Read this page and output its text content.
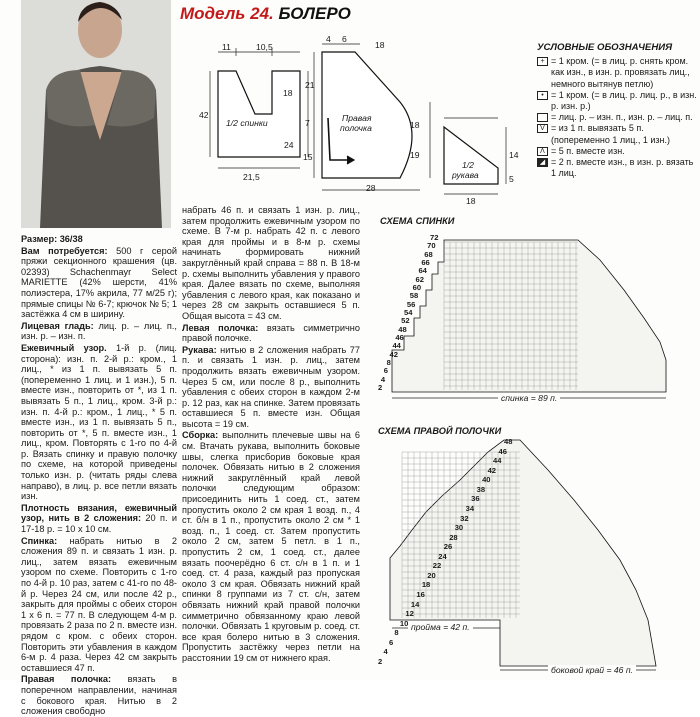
Модель 24. БОЛЕРО

Размер: 36/38

Вам потребуется: 500 г серой пряжи секционного крашения (цв. 02393) Schachenmayr Select MARIETTE (42% шерсти, 41% полиэстера, 17% акрила, 77 м/25 г); прямые спицы № 6-7; крючок № 5; 1 застёжка 4 см в ширину.

Лицевая гладь: лиц. р. – лиц. п., изн. р. – изн. п.

Ежевичный узор. 1-й р. (лиц. сторона): изн. п. 2-й р.: кром., 1 лиц., * из 1 п. вывязать 5 п. (попеременно 1 лиц. и 1 изн.), 5 п. вместе изн., повторить от *, из 1 п. вывязать 5 п., 1 лиц., кром. 3-й р.: изн. п. 4-й р.: кром., 1 лиц., * 5 п. вместе изн., из 1 п. вывязать 5 п., повторить от *, 5 п. вместе изн., 1 лиц., кром. Повторять с 1-го по 4-й р. Вязать спинку и правую полочку по схеме, на которой приведены только изн. р. (читать ряды слева направо), в лиц. р. все петли вязать изн.

Плотность вязания, ежевичный узор, нить в 2 сложения: 20 п. и 17-18 р. = 10 х 10 см.

Спинка: набрать нитью в 2 сложения 89 п. и связать 1 изн. р. лиц., затем вязать ежевичным узором по схеме. Повторить с 1-го по 4-й р. 10 раз, затем с 41-го по 48-й р. Через 24 см, или после 42 р., закрыть для проймы с обеих сторон 1 х 6 п. = 77 п. В следующем 4-м р. провязать 2 раза по 2 п. вместе изн. рядом с кром. с обеих сторон. Повторить эти убавления в каждом 6-м р. 4 раза. Через 42 см закрыть оставшиеся 47 п.

Правая полочка: вязать в поперечном направлении, начиная с бокового края. Нитью в 2 сложения свободно

набрать 46 п. и связать 1 изн. р. лиц., затем продолжить ежевичным узором по схеме. В 7-м р. набрать 42 п. с левого края для проймы и в 8-м р. схемы начинать формировать нижний закруглённый край справа = 88 п. В 18-м р. схемы выполнить убавления у правого края. Далее вязать по схеме, выполняя убавления с левого края, как показано и через 28 см закрыть оставшиеся 5 п. Общая высота = 43 см.

Левая полочка: вязать симметрично правой полочке.

Рукава: нитью в 2 сложения набрать 77 п. и связать 1 изн. р. лиц., затем продолжить вязать ежевичным узором. Через 5 см, или после 8 р., выполнить убавления с обеих сторон в каждом 2-м р. 12 раз, как на спинке. Затем провязать оставшиеся 5 п. вместе изн. Общая высота = 19 см.

Сборка: выполнить плечевые швы на 6 см. Втачать рукава, выполнить боковые швы, слегка присборив боковые края полочек. Обвязать нитью в 2 сложения нижний закруглённый край левой полочки следующим образом: присоединить нить 1 соед. ст., затем пропустить около 2 см края 1 возд. п., 4 ст. б/н в 1 п., пропустить около 2 см * 1 возд. п., 1 соед. ст. Затем пропустить около 2 см, затем 5 петл. в 1 п., пропустить 2 см, 1 соед. ст., далее вязать поочерёдно 6 ст. с/н в 1 п. и 1 соед. ст. 4 раза, каждый раз пропуская около 3 см края. Обвязать нижний край спинки 8 группами из 7 ст. с/н, затем обвязать нижний край правой полочки симметрично обвязанному краю левой полочки. Обвязать 1 круговым р. соед. ст. все края болеро нитью в 3 сложения. Пропустить застёжку через петли на расстоянии 19 см от нижнего края.

УСЛОВНЫЕ ОБОЗНАЧЕНИЯ
+ = 1 кром. (= в лиц. р. снять кром. как изн., в изн. р. провязать лиц., немного вытянув петлю)
• = 1 кром. (= в лиц. р. лиц. р., в изн. р. изн. р.)
= лиц. р. – изн. п., изн. р. – лиц. п.
V = из 1 п. вывязать 5 п. (попеременно 1 лиц., 1 изн.)
Λ = 5 п. вместе изн.
◢ = 2 п. вместе изн., в изн. р. вязать 1 лиц.
11	10,5
42
18
24
21,5
4 6
18
21
7
15
28
18
19	14
5
18
1/2 спинки	Правая
полочка
1/2
рукава
СХЕМА СПИНКИ
СХЕМА ПРАВОЙ ПОЛОЧКИ
спинка = 89 п.
пройма = 42 п.
боковой край = 46 п.
72
70
68
66
64
62
60
58
56
54
52
48
46
44
42
8
6
4
2
48
46
44
42
40
38
36
34
32
30
28
26
24
22
20
18
16
14
12
10
8
6
4
2
